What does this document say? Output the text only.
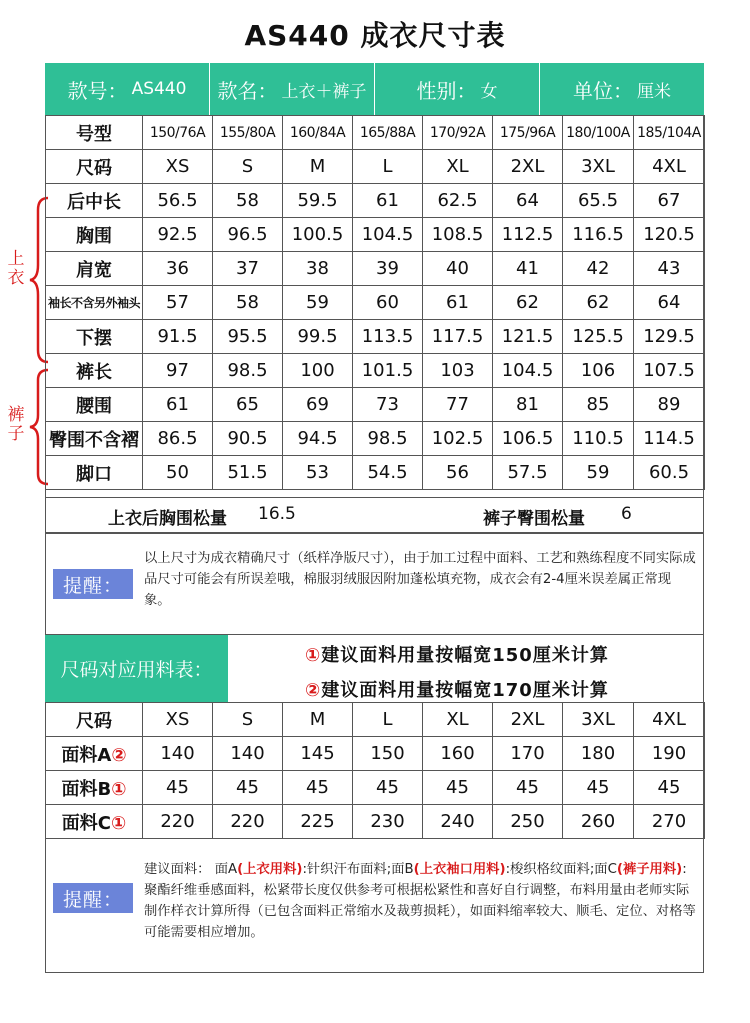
AS440 成衣尺寸表
款号： AS440 款名： 上衣＋裤子	性别： 女	单位： 厘米
上衣
裤子
号型	150/76A	155/80A	160/84A	165/88A	170/92A	175/96A	180/100A	185/104A
尺码	XS	S	M	L	XL	2XL	3XL	4XL
后中长	56.5	58	59.5	61	62.5	64	65.5	67
胸围	92.5	96.5	100.5	104.5	108.5	112.5	116.5	120.5
肩宽	36	37	38	39	40	41	42	43
袖长不含另外袖头	57	58	59	60	61	62	62	64
下摆	91.5	95.5	99.5	113.5	117.5	121.5	125.5	129.5
裤长	97	98.5	100	101.5	103	104.5	106	107.5
腰围	61	65	69	73	77	81	85	89
臀围不含褶	86.5	90.5	94.5	98.5	102.5	106.5	110.5	114.5
脚口	50	51.5	53	54.5	56	57.5	59	60.5
上衣后胸围松量 16.5	裤子臀围松量 6
提醒：
以上尺寸为成衣精确尺寸（纸样净版尺寸），由于加工过程中面料、工艺和熟练程度不同实际成品尺寸可能会有所误差哦，棉服羽绒服因附加蓬松填充物，成衣会有2-4厘米误差属正常现象。
尺码对应用料表：
①建议面料用量按幅宽150厘米计算
②建议面料用量按幅宽170厘米计算
尺码	XS	S	M	L	XL	2XL	3XL	4XL
面料A②	140	140	145	150	160	170	180	190
面料B①	45	45	45	45	45	45	45	45
面料C①	220	220	225	230	240	250	260	270
提醒：
建议面料： 面A(上衣用料):针织汗布面料;面B(上衣袖口用料):梭织格纹面料;面C(裤子用料):聚酯纤维垂感面料，松紧带长度仅供参考可根据松紧性和喜好自行调整，布料用量由老师实际制作样衣计算所得（已包含面料正常缩水及裁剪损耗），如面料缩率较大、顺毛、定位、对格等可能需要相应增加。
